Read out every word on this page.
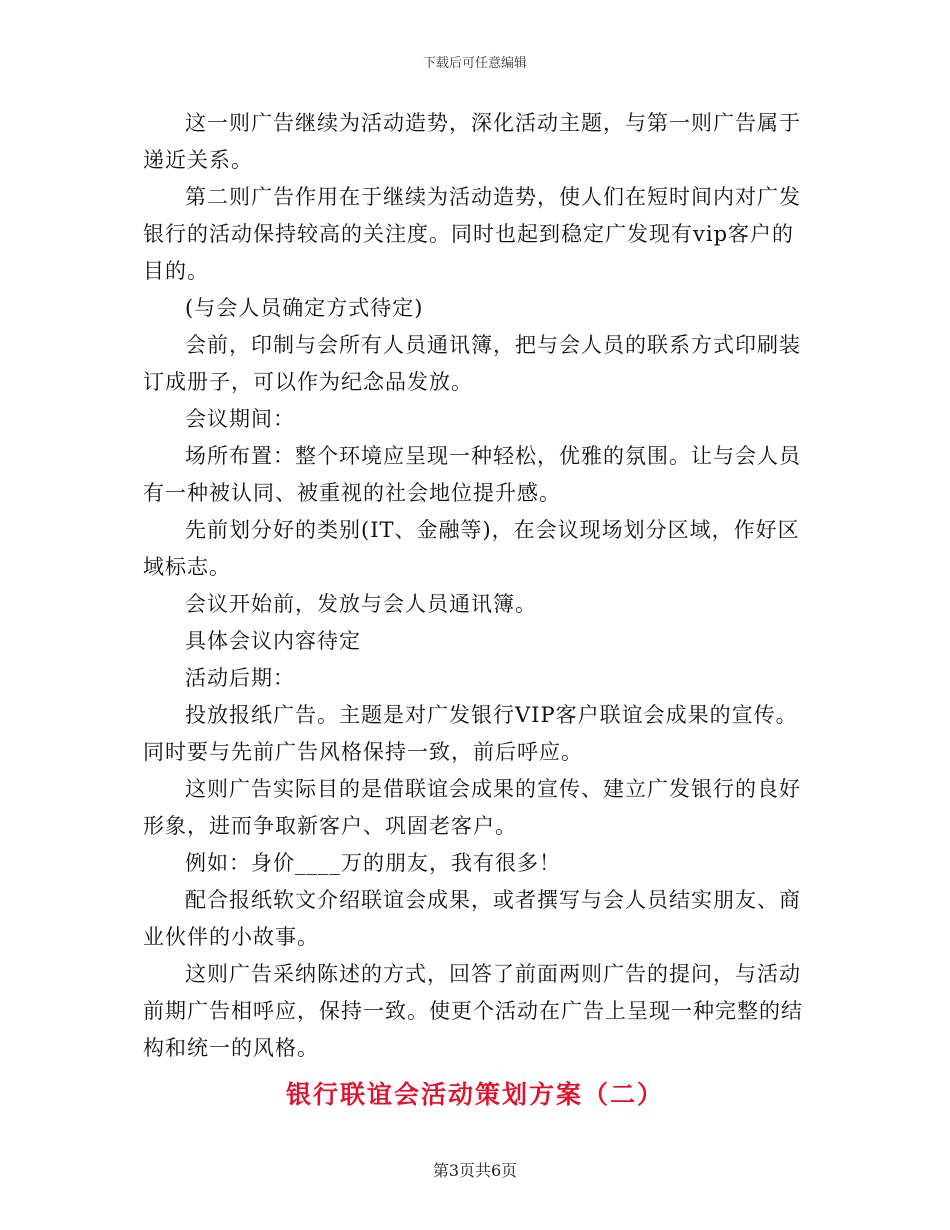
下载后可任意编辑

这一则广告继续为活动造势，深化活动主题，与第一则广告属于递近关系。

第二则广告作用在于继续为活动造势，使人们在短时间内对广发银行的活动保持较高的关注度。同时也起到稳定广发现有vip客户的目的。

(与会人员确定方式待定)

会前，印制与会所有人员通讯簿，把与会人员的联系方式印刷装订成册子，可以作为纪念品发放。

会议期间：

场所布置：整个环境应呈现一种轻松，优雅的氛围。让与会人员有一种被认同、被重视的社会地位提升感。

先前划分好的类别(IT、金融等)，在会议现场划分区域，作好区域标志。

会议开始前，发放与会人员通讯簿。

具体会议内容待定

活动后期：

投放报纸广告。主题是对广发银行VIP客户联谊会成果的宣传。同时要与先前广告风格保持一致，前后呼应。

这则广告实际目的是借联谊会成果的宣传、建立广发银行的良好形象，进而争取新客户、巩固老客户。

例如：身价____万的朋友，我有很多！

配合报纸软文介绍联谊会成果，或者撰写与会人员结实朋友、商业伙伴的小故事。

这则广告采纳陈述的方式，回答了前面两则广告的提问，与活动前期广告相呼应，保持一致。使更个活动在广告上呈现一种完整的结构和统一的风格。

银行联谊会活动策划方案（二）
第3页共6页
